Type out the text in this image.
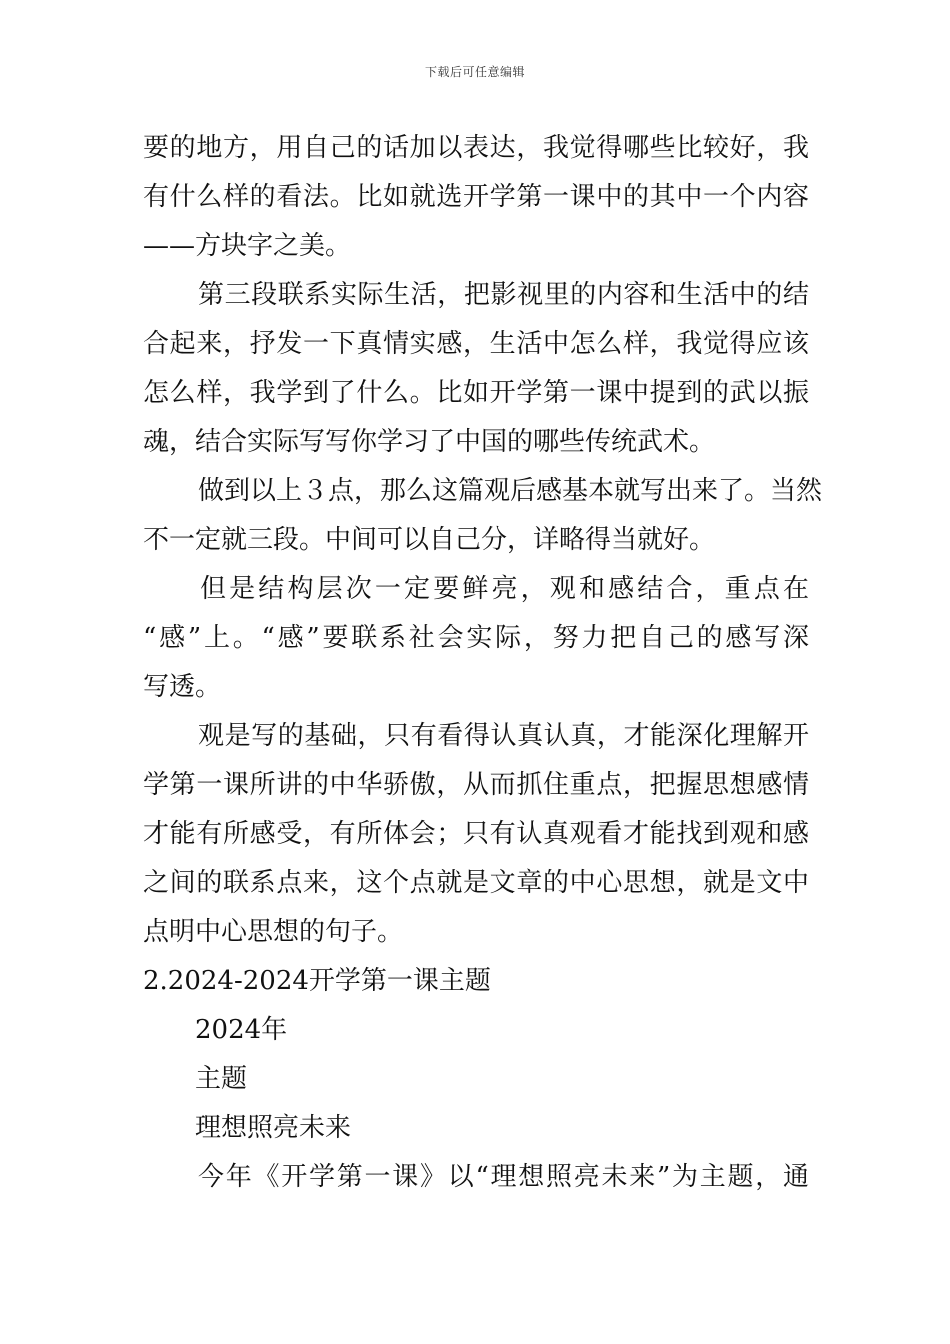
下载后可任意编辑
要的地方，用自己的话加以表达，我觉得哪些比较好，我
有什么样的看法。比如就选开学第一课中的其中一个内容
——方块字之美。
第三段联系实际生活，把影视里的内容和生活中的结
合起来，抒发一下真情实感，生活中怎么样，我觉得应该
怎么样，我学到了什么。比如开学第一课中提到的武以振
魂，结合实际写写你学习了中国的哪些传统武术。
做到以上３点，那么这篇观后感基本就写出来了。当然
不一定就三段。中间可以自己分，详略得当就好。
但是结构层次一定要鲜亮，观和感结合，重点在
“感”上。“感”要联系社会实际，努力把自己的感写深
写透。
观是写的基础，只有看得认真认真，才能深化理解开
学第一课所讲的中华骄傲，从而抓住重点，把握思想感情
才能有所感受，有所体会；只有认真观看才能找到观和感
之间的联系点来，这个点就是文章的中心思想，就是文中
点明中心思想的句子。
2.2024-2024开学第一课主题
2024年
主题
理想照亮未来
今年《开学第一课》以“理想照亮未来”为主题，通
